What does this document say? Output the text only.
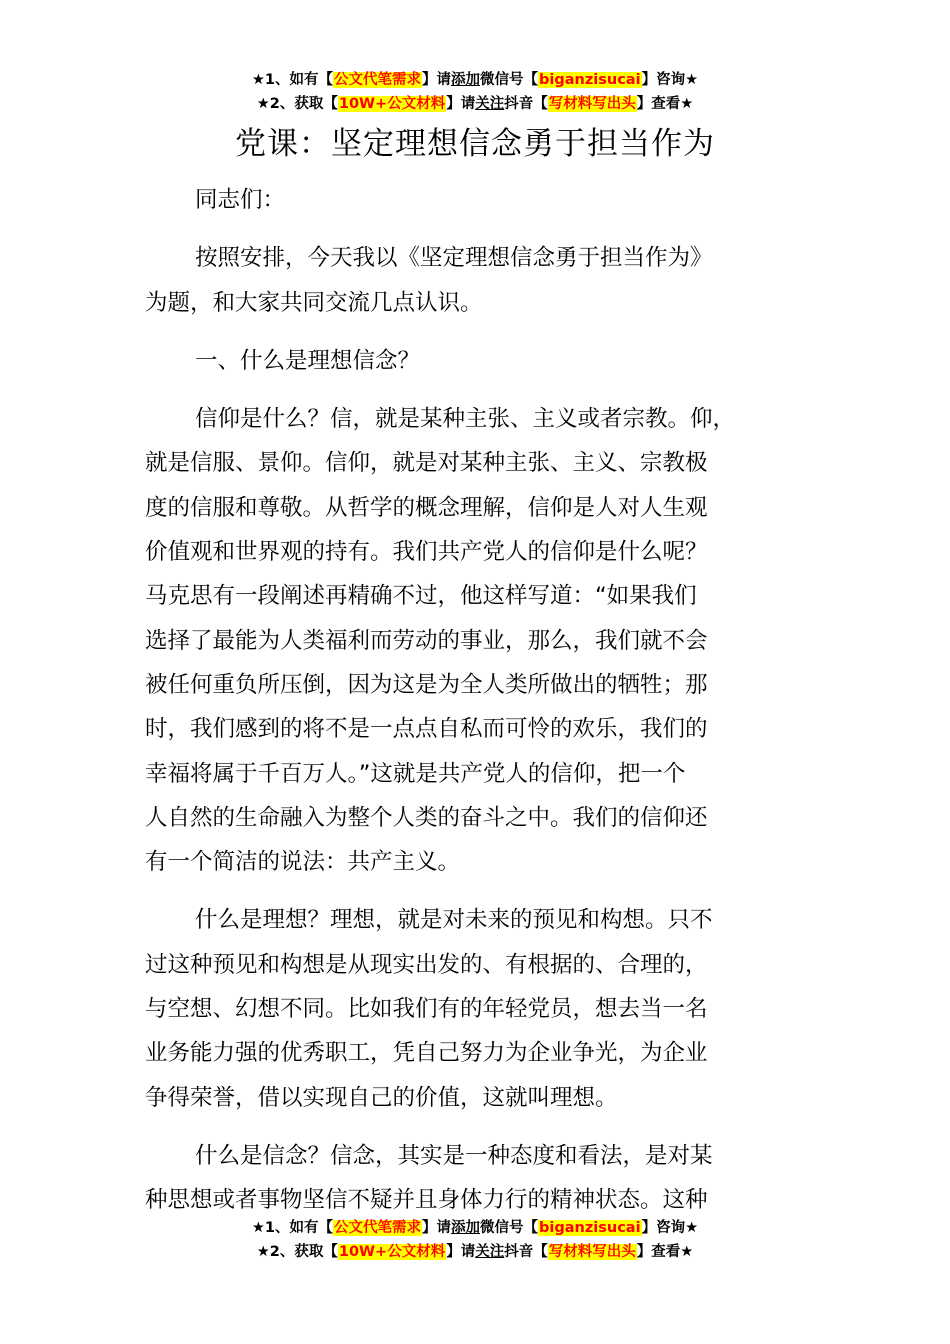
★1、如有【公文代笔需求】请添加微信号【biganzisucai】咨询★
★2、获取【10W+公文材料】请关注抖音【写材料写出头】查看★
党课：坚定理想信念勇于担当作为

同志们：

按照安排，今天我以《坚定理想信念勇于担当作为》
为题，和大家共同交流几点认识。

一、什么是理想信念？

信仰是什么？信，就是某种主张、主义或者宗教。仰，
就是信服、景仰。信仰，就是对某种主张、主义、宗教极
度的信服和尊敬。从哲学的概念理解，信仰是人对人生观
价值观和世界观的持有。我们共产党人的信仰是什么呢？
马克思有一段阐述再精确不过，他这样写道：“如果我们
选择了最能为人类福利而劳动的事业，那么，我们就不会
被任何重负所压倒，因为这是为全人类所做出的牺牲；那
时，我们感到的将不是一点点自私而可怜的欢乐，我们的
幸福将属于千百万人。”这就是共产党人的信仰，把一个
人自然的生命融入为整个人类的奋斗之中。我们的信仰还
有一个简洁的说法：共产主义。

什么是理想？理想，就是对未来的预见和构想。只不
过这种预见和构想是从现实出发的、有根据的、合理的，
与空想、幻想不同。比如我们有的年轻党员，想去当一名
业务能力强的优秀职工，凭自己努力为企业争光，为企业
争得荣誉，借以实现自己的价值，这就叫理想。

什么是信念？信念，其实是一种态度和看法，是对某
种思想或者事物坚信不疑并且身体力行的精神状态。这种

★1、如有【公文代笔需求】请添加微信号【biganzisucai】咨询★
★2、获取【10W+公文材料】请关注抖音【写材料写出头】查看★
